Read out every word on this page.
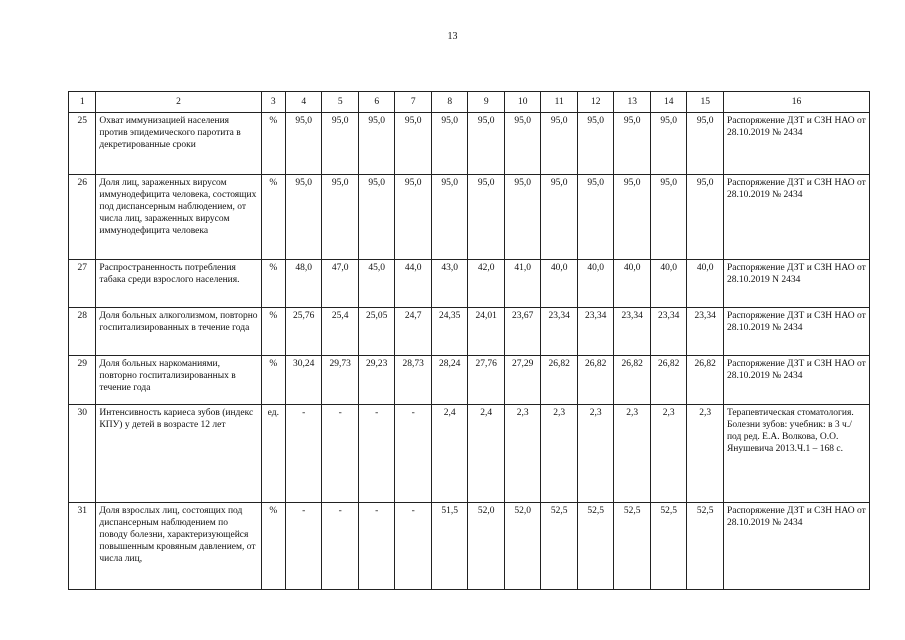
13
1	2	3	4	5	6	7	8	9	10	11	12	13	14	15	16
25	Охват иммунизацией населения против эпидемического паротита в декретированные сроки	%	95,0	95,0	95,0	95,0	95,0	95,0	95,0	95,0	95,0	95,0	95,0	95,0	Распоряжение ДЗТ и СЗН НАО от 28.10.2019 № 2434
26	Доля лиц, зараженных вирусом иммунодефицита человека, состоящих под диспансерным наблюдением, от числа лиц, зараженных вирусом иммунодефицита человека	%	95,0	95,0	95,0	95,0	95,0	95,0	95,0	95,0	95,0	95,0	95,0	95,0	Распоряжение ДЗТ и СЗН НАО от 28.10.2019 № 2434
27	Распространенность потребления табака среди взрослого населения.	%	48,0	47,0	45,0	44,0	43,0	42,0	41,0	40,0	40,0	40,0	40,0	40,0	Распоряжение ДЗТ и СЗН НАО от 28.10.2019 N 2434
28	Доля больных алкоголизмом, повторно госпитализированных в течение года	%	25,76	25,4	25,05	24,7	24,35	24,01	23,67	23,34	23,34	23,34	23,34	23,34	Распоряжение ДЗТ и СЗН НАО от 28.10.2019 № 2434
29	Доля больных наркоманиями, повторно госпитализированных в течение года	%	30,24	29,73	29,23	28,73	28,24	27,76	27,29	26,82	26,82	26,82	26,82	26,82	Распоряжение ДЗТ и СЗН НАО от 28.10.2019 № 2434
30	Интенсивность кариеса зубов (индекс КПУ) у детей в возрасте 12 лет	ед.	-	-	-	-	2,4	2,4	2,3	2,3	2,3	2,3	2,3	2,3	Терапевтическая стоматология. Болезни зубов: учебник: в 3 ч./под ред. Е.А. Волкова, О.О. Янушевича 2013.Ч.1 – 168 с.
31	Доля взрослых лиц, состоящих под диспансерным наблюдением по поводу болезни, характеризующейся повышенным кровяным давлением, от числа лиц,	%	-	-	-	-	51,5	52,0	52,0	52,5	52,5	52,5	52,5	52,5	Распоряжение ДЗТ и СЗН НАО от 28.10.2019 № 2434
